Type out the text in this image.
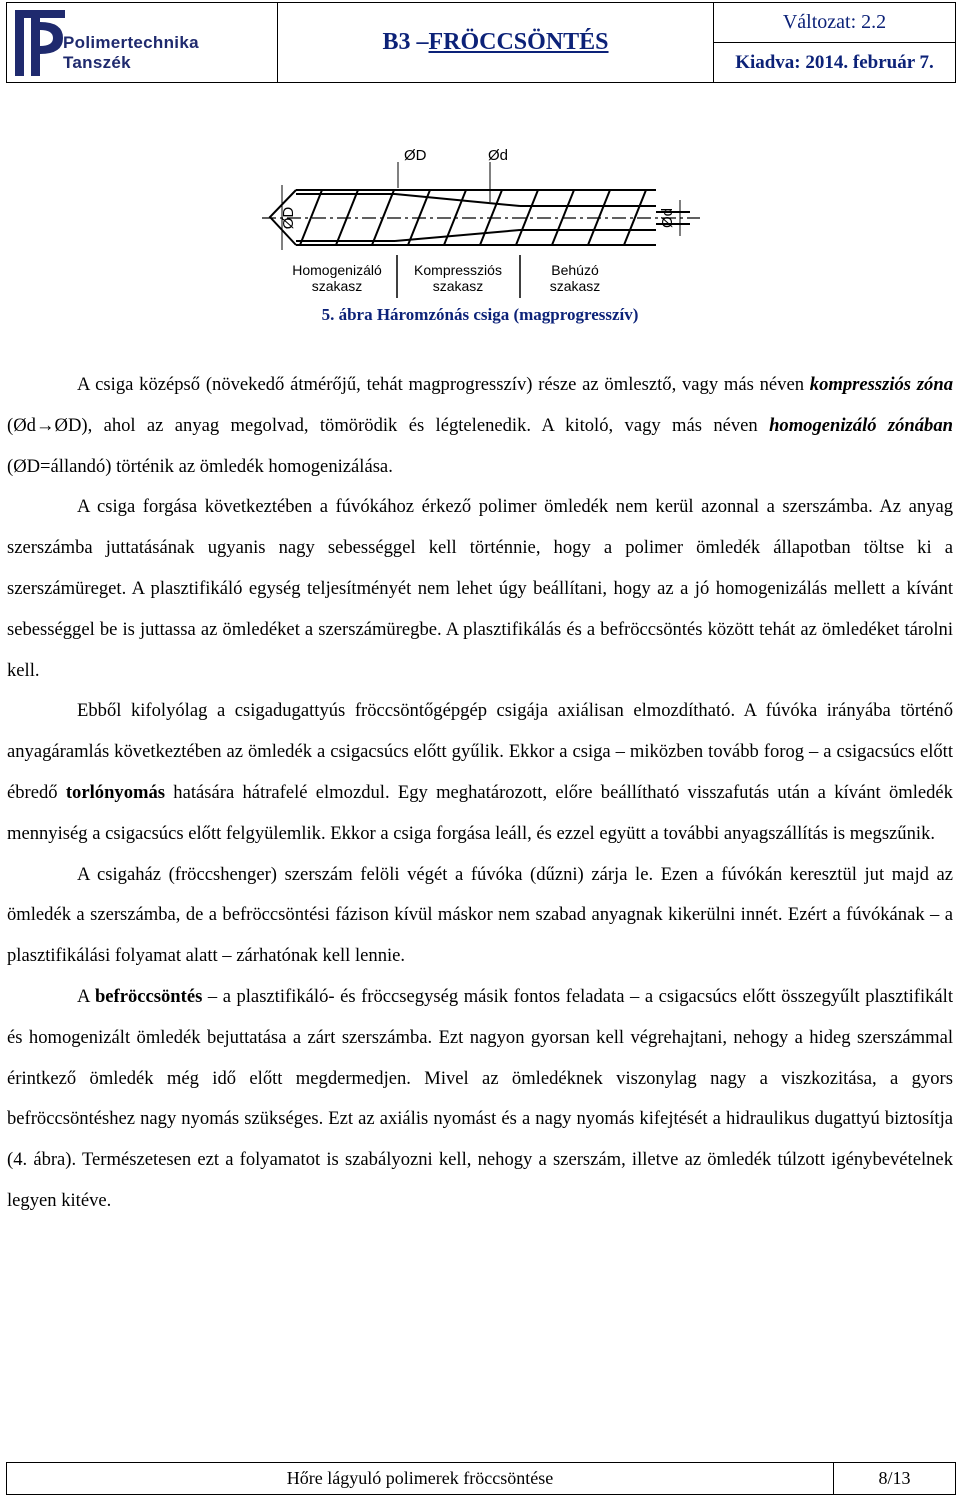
Polimertechnika
Tanszék
B3 – FRÖCCSÖNTÉS
Változat: 2.2
Kiadva: 2014. február 7.
ØD	Ød
ØD	Ød
Homogenizáló szakasz
Kompressziós szakasz
Behúzó szakasz
5. ábra Háromzónás csiga (magprogresszív)

A csiga középső (növekedő átmérőjű, tehát magprogresszív) része az ömlesztő, vagy más néven kompressziós zóna (Ød→ØD), ahol az anyag megolvad, tömörödik és légtelenedik. A kitoló, vagy más néven homogenizáló zónában (ØD=állandó) történik az ömledék homogenizálása.

A csiga forgása következtében a fúvókához érkező polimer ömledék nem kerül azonnal a szerszámba. Az anyag szerszámba juttatásának ugyanis nagy sebességgel kell történnie, hogy a polimer ömledék állapotban töltse ki a szerszámüreget. A plasztifikáló egység teljesítményét nem lehet úgy beállítani, hogy az a jó homogenizálás mellett a kívánt sebességgel be is juttassa az ömledéket a szerszámüregbe. A plasztifikálás és a befröccsöntés között tehát az ömledéket tárolni kell.

Ebből kifolyólag a csigadugattyús fröccsöntőgépgép csigája axiálisan elmozdítható. A fúvóka irányába történő anyagáramlás következtében az ömledék a csigacsúcs előtt gyűlik. Ekkor a csiga – miközben tovább forog – a csigacsúcs előtt ébredő torlónyomás hatására hátrafelé elmozdul. Egy meghatározott, előre beállítható visszafutás után a kívánt ömledék mennyiség a csigacsúcs előtt felgyülemlik. Ekkor a csiga forgása leáll, és ezzel együtt a további anyagszállítás is megszűnik.

A csigaház (fröccshenger) szerszám felöli végét a fúvóka (dűzni) zárja le. Ezen a fúvókán keresztül jut majd az ömledék a szerszámba, de a befröccsöntési fázison kívül máskor nem szabad anyagnak kikerülni innét. Ezért a fúvókának – a plasztifikálási folyamat alatt – zárhatónak kell lennie.

A befröccsöntés – a plasztifikáló- és fröccsegység másik fontos feladata – a csigacsúcs előtt összegyűlt plasztifikált és homogenizált ömledék bejuttatása a zárt szerszámba. Ezt nagyon gyorsan kell végrehajtani, nehogy a hideg szerszámmal érintkező ömledék még idő előtt megdermedjen. Mivel az ömledéknek viszonylag nagy a viszkozitása, a gyors befröccsöntéshez nagy nyomás szükséges. Ezt az axiális nyomást és a nagy nyomás kifejtését a hidraulikus dugattyú biztosítja (4. ábra). Természetesen ezt a folyamatot is szabályozni kell, nehogy a szerszám, illetve az ömledék túlzott igénybevételnek legyen kitéve.

Hőre lágyuló polimerek fröccsöntése	8/13
